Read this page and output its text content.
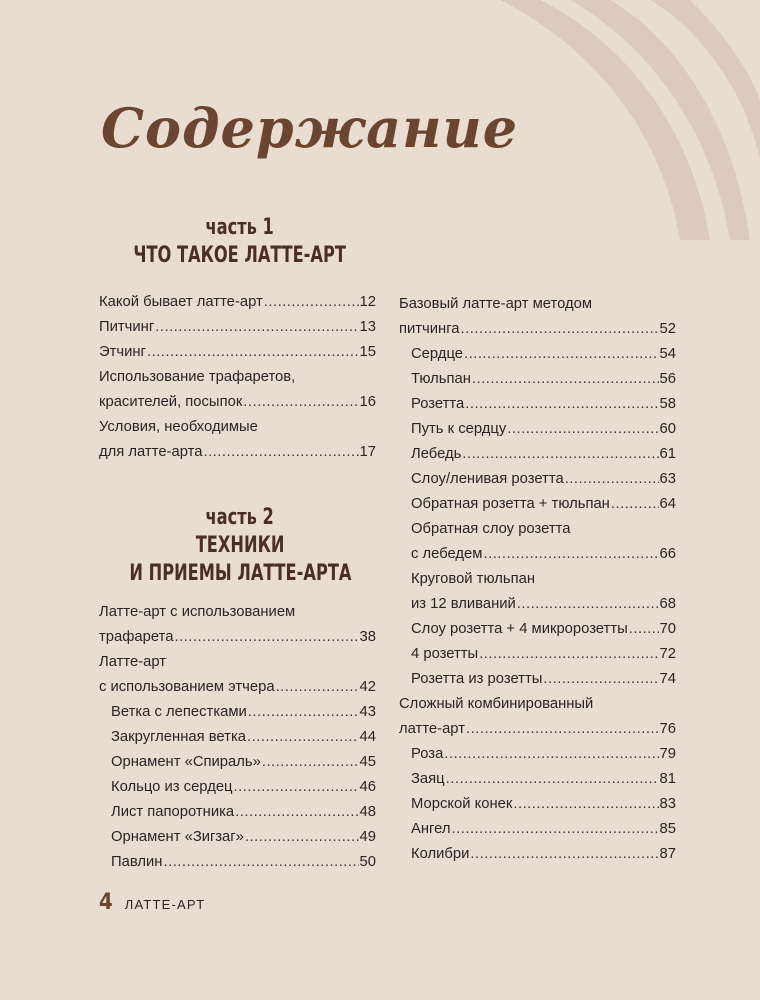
Содержание
часть 1
ЧТО ТАКОЕ ЛАТТЕ-АРТ
часть 2
ТЕХНИКИ
И ПРИЕМЫ ЛАТТЕ-АРТА
Какой бывает латте-арт .....	12
Питчинг .....	13
Этчинг .....	15
Использование трафаретов,
красителей, посыпок .....	16
Условия, необходимые
для латте-арта .....	17
Латте-арт с использованием
трафарета .....	38
Латте-арт
с использованием этчера .....	42
Ветка с лепестками .....	43
Закругленная ветка .....	44
Орнамент «Спираль» .....	45
Кольцо из сердец .....	46
Лист папоротника .....	48
Орнамент «Зигзаг» .....	49
Павлин .....	50
Базовый латте-арт методом
питчинга .....	52
Сердце .....	54
Тюльпан .....	56
Розетта .....	58
Путь к сердцу .....	60
Лебедь .....	61
Слоу/ленивая розетта .....	63
Обратная розетта + тюльпан .....	64
Обратная слоу розетта
с лебедем .....	66
Круговой тюльпан
из 12 вливаний .....	68
Слоу розетта + 4 микророзетты ..... 70
4 розетты .....	72
Розетта из розетты .....	74
Сложный комбинированный
латте-арт .....	76
Роза .....	79
Заяц .....	81
Морской конек .....	83
Ангел .....	85
Колибри .....	87
4 ЛАТТЕ-АРТ
